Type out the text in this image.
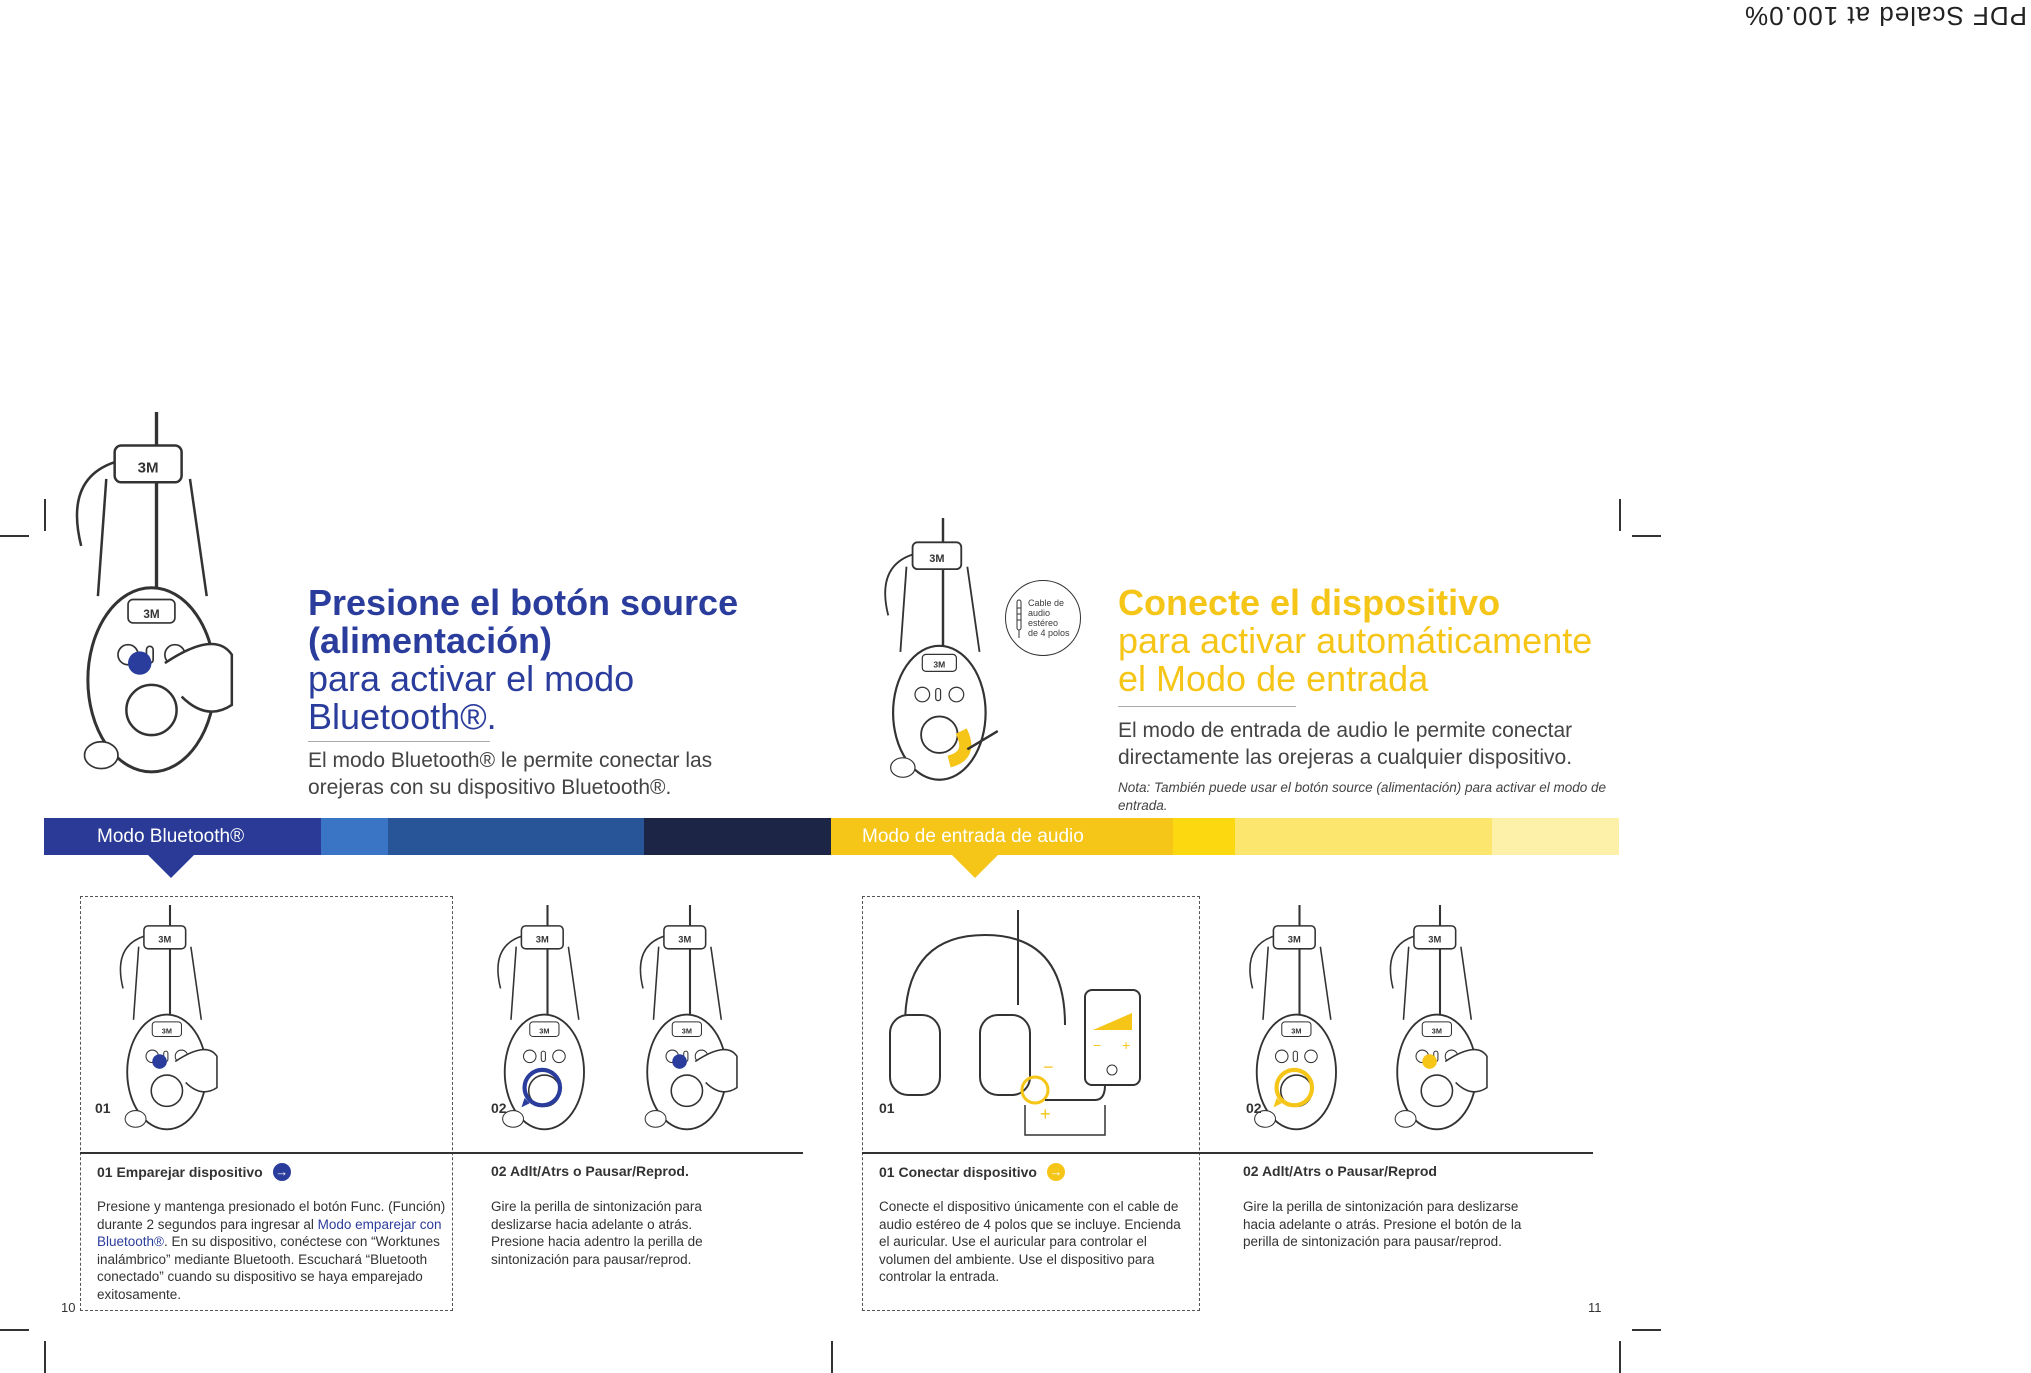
PDF Scaled at 100.0%
3M
3M
3M
3M
Cable de audio estéreo de 4 polos
Presione el botón source (alimentación)
para activar el modo Bluetooth®.
El modo Bluetooth® le permite conectar las orejeras con su dispositivo Bluetooth®.
Conecte el dispositivo
para activar automáticamente el Modo de entrada
El modo de entrada de audio le permite conectar directamente las orejeras a cualquier dispositivo.
Nota: También puede usar el botón source (alimentación) para activar el modo de entrada.
Modo Bluetooth®	Modo de entrada de audio
3M
3M
3M
3M
3M
3M
3M
3M
3M
3M
−
+
− +
01	02	01	02
01 Emparejar dispositivo →
Presione y mantenga presionado el botón Func. (Función) durante 2 segundos para ingresar al Modo emparejar con Bluetooth®. En su dispositivo, conéctese con “Worktunes inalámbrico” mediante Bluetooth. Escuchará “Bluetooth conectado” cuando su dispositivo se haya emparejado exitosamente.
02 Adlt/Atrs o Pausar/Reprod.
Gire la perilla de sintonización para deslizarse hacia adelante o atrás. Presione hacia adentro la perilla de sintonización para pausar/reprod.
01 Conectar dispositivo →
Conecte el dispositivo únicamente con el cable de audio estéreo de 4 polos que se incluye. Encienda el auricular. Use el auricular para controlar el volumen del ambiente. Use el dispositivo para controlar la entrada.
02 Adlt/Atrs o Pausar/Reprod
Gire la perilla de sintonización para deslizarse hacia adelante o atrás. Presione el botón de la perilla de sintonización para pausar/reprod.
10	11
